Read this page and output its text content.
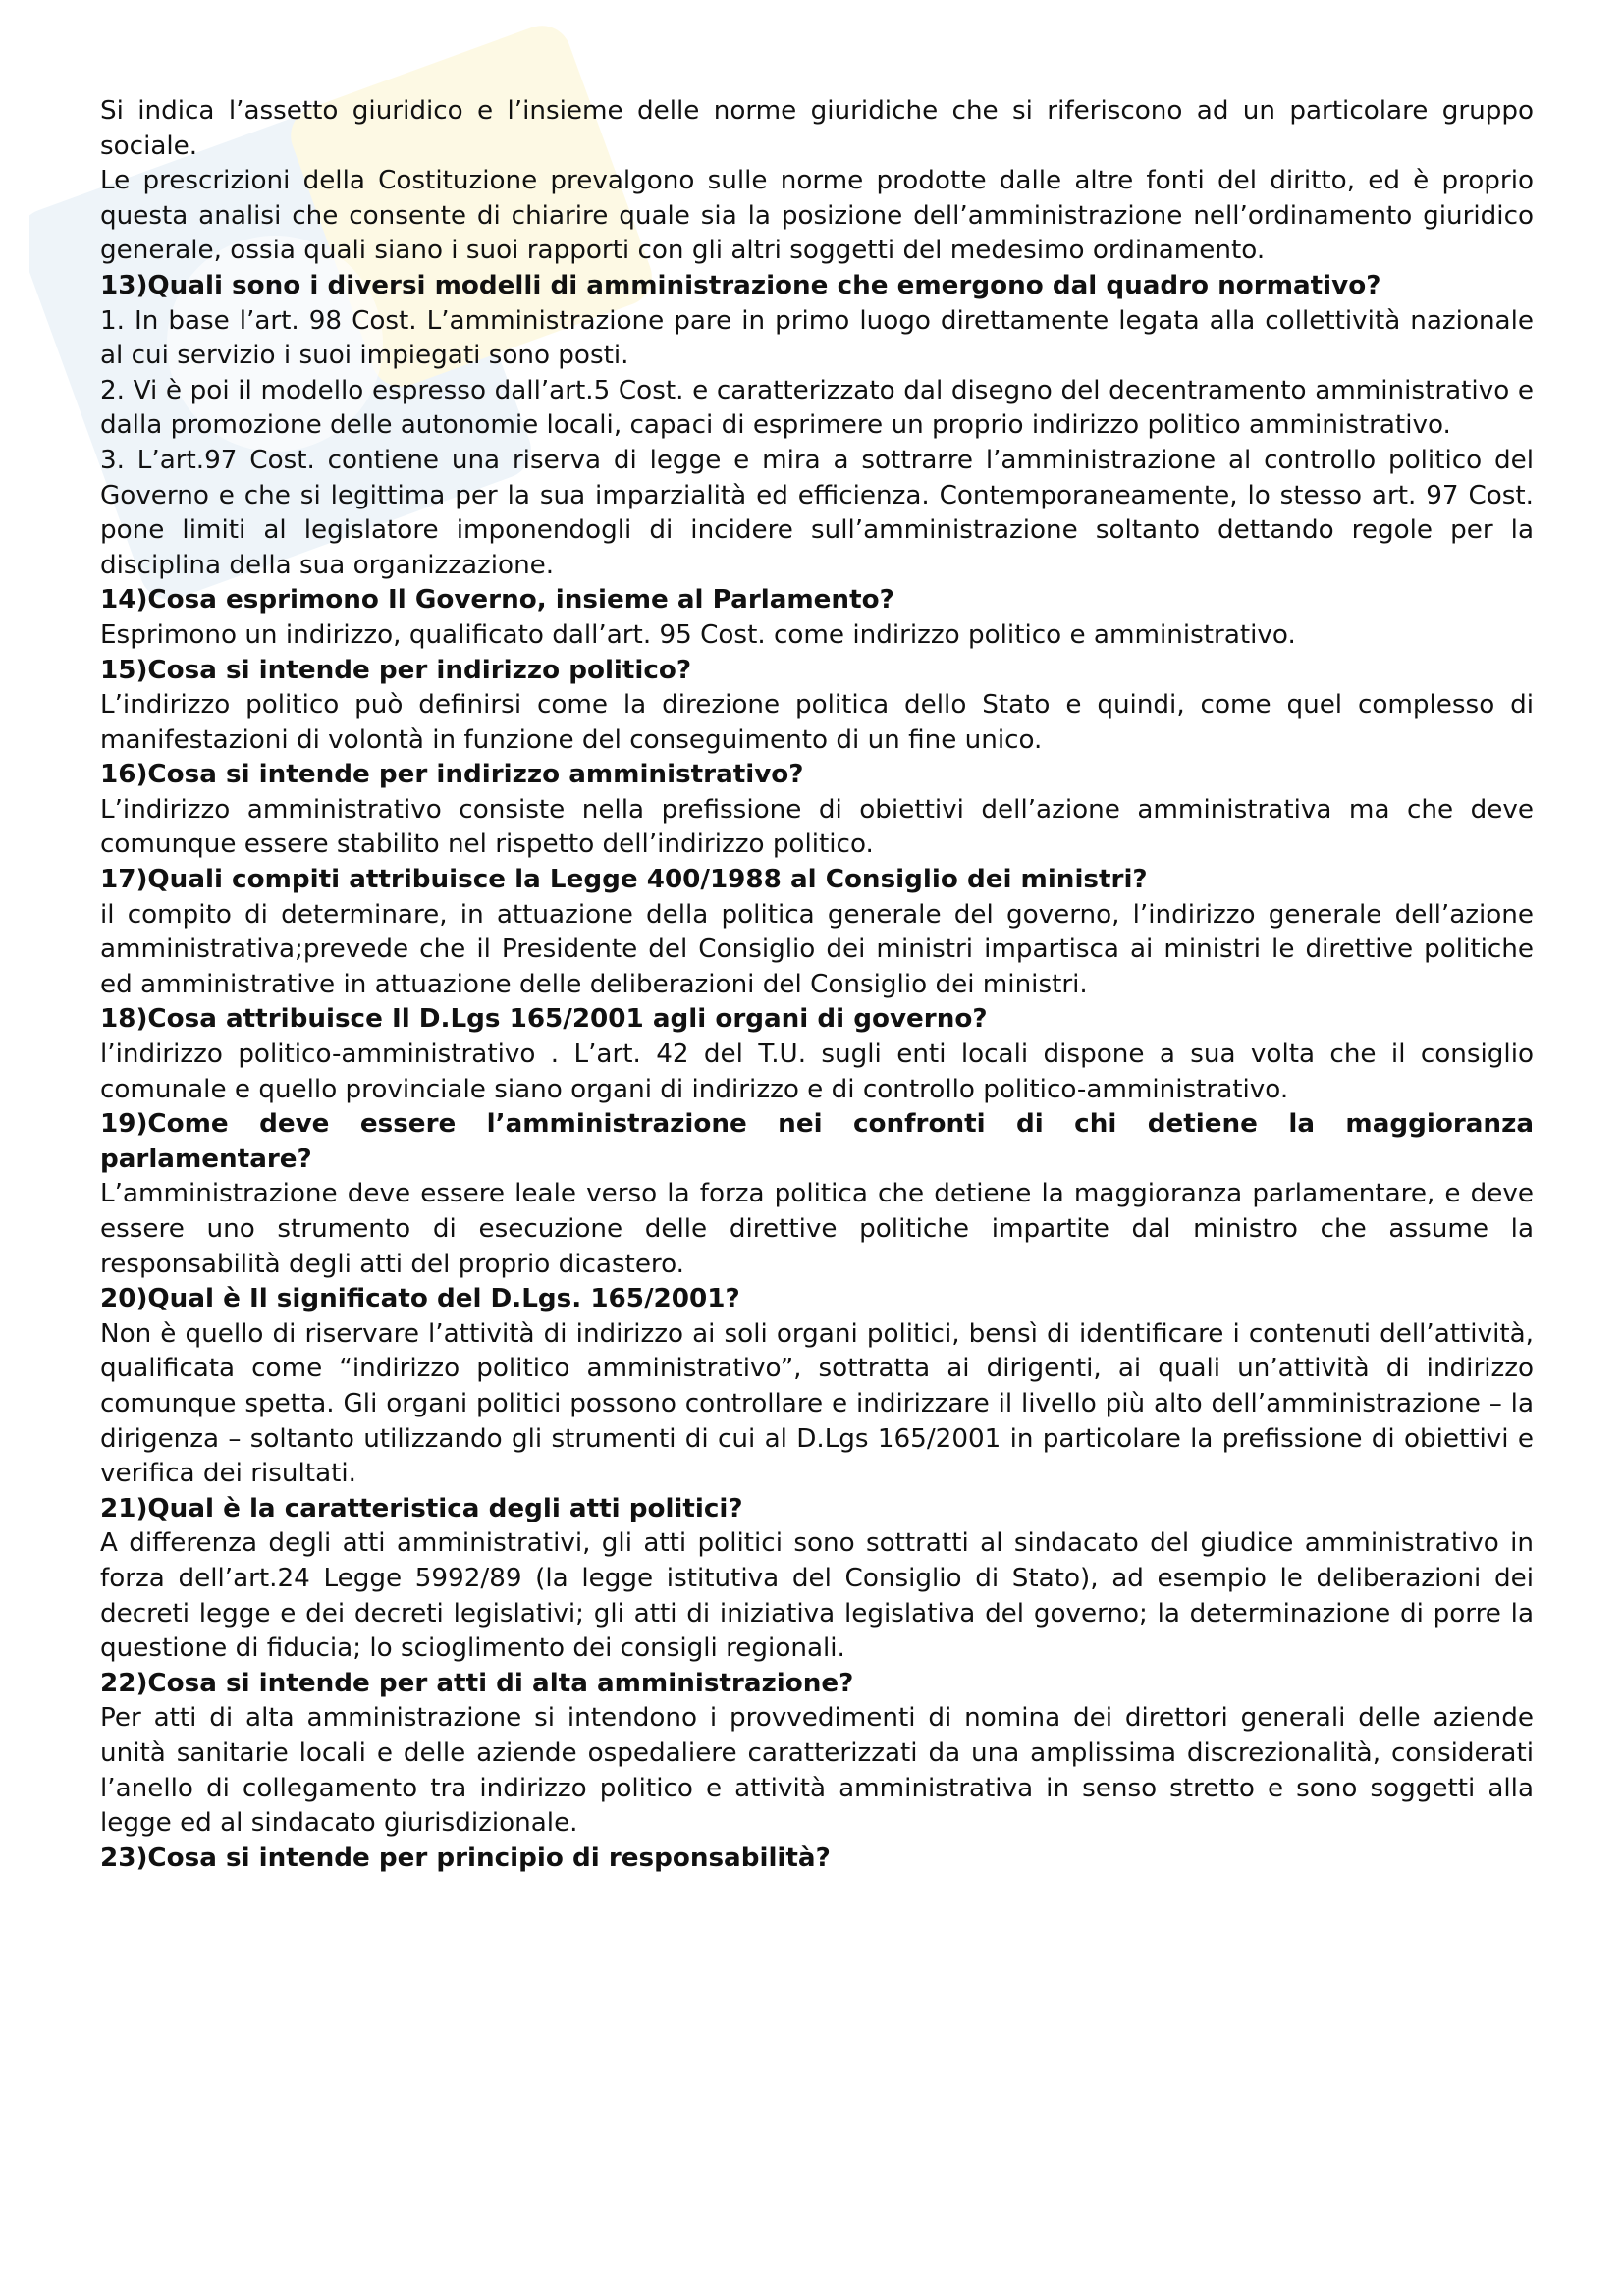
Si indica l’assetto giuridico e l’insieme delle norme giuridiche che si riferiscono ad un particolare gruppo sociale.

Le prescrizioni della Costituzione prevalgono sulle norme prodotte dalle altre fonti del diritto, ed è proprio questa analisi che consente di chiarire quale sia la posizione dell’amministrazione nell’ordinamento giuridico generale, ossia quali siano i suoi rapporti con gli altri soggetti del medesimo ordinamento.

13)Quali sono i diversi modelli di amministrazione che emergono dal quadro normativo?

1. In base l’art. 98 Cost. L’amministrazione pare in primo luogo direttamente legata alla collettività nazionale al cui servizio i suoi impiegati sono posti.

2. Vi è poi il modello espresso dall’art.5 Cost. e caratterizzato dal disegno del decentramento amministrativo e dalla promozione delle autonomie locali, capaci di esprimere un proprio indirizzo politico amministrativo.

3. L’art.97 Cost. contiene una riserva di legge e mira a sottrarre l’amministrazione al controllo politico del Governo e che si legittima per la sua imparzialità ed efficienza. Contemporaneamente, lo stesso art. 97 Cost. pone limiti al legislatore imponendogli di incidere sull’amministrazione soltanto dettando regole per la disciplina della sua organizzazione.

14)Cosa esprimono Il Governo, insieme al Parlamento?

Esprimono un indirizzo, qualificato dall’art. 95 Cost. come indirizzo politico e amministrativo.

15)Cosa si intende per indirizzo politico?

L’indirizzo politico può definirsi come la direzione politica dello Stato e quindi, come quel complesso di manifestazioni di volontà in funzione del conseguimento di un fine unico.

16)Cosa si intende per indirizzo amministrativo?

L’indirizzo amministrativo consiste nella prefissione di obiettivi dell’azione amministrativa ma che deve comunque essere stabilito nel rispetto dell’indirizzo politico.

17)Quali compiti attribuisce la Legge 400/1988 al Consiglio dei ministri?

il compito di determinare, in attuazione della politica generale del governo, l’indirizzo generale dell’azione amministrativa;prevede che il Presidente del Consiglio dei ministri impartisca ai ministri le direttive politiche ed amministrative in attuazione delle deliberazioni del Consiglio dei ministri.

18)Cosa attribuisce Il D.Lgs 165/2001 agli organi di governo?

l’indirizzo politico-amministrativo . L’art. 42 del T.U. sugli enti locali dispone a sua volta che il consiglio comunale e quello provinciale siano organi di indirizzo e di controllo politico-amministrativo.

19)Come deve essere l’amministrazione nei confronti di chi detiene la maggioranza parlamentare?

L’amministrazione deve essere leale verso la forza politica che detiene la maggioranza parlamentare, e deve essere uno strumento di esecuzione delle direttive politiche impartite dal ministro che assume la responsabilità degli atti del proprio dicastero.

20)Qual è Il significato del D.Lgs. 165/2001?

Non è quello di riservare l’attività di indirizzo ai soli organi politici, bensì di identificare i contenuti dell’attività, qualificata come “indirizzo politico amministrativo”, sottratta ai dirigenti, ai quali un’attività di indirizzo comunque spetta. Gli organi politici possono controllare e indirizzare il livello più alto dell’amministrazione – la dirigenza – soltanto utilizzando gli strumenti di cui al D.Lgs 165/2001 in particolare la prefissione di obiettivi e verifica dei risultati.

21)Qual è la caratteristica degli atti politici?

A differenza degli atti amministrativi, gli atti politici sono sottratti al sindacato del giudice amministrativo in forza dell’art.24 Legge 5992/89 (la legge istitutiva del Consiglio di Stato), ad esempio le deliberazioni dei decreti legge e dei decreti legislativi; gli atti di iniziativa legislativa del governo; la determinazione di porre la questione di fiducia; lo scioglimento dei consigli regionali.

22)Cosa si intende per atti di alta amministrazione?

Per atti di alta amministrazione si intendono i provvedimenti di nomina dei direttori generali delle aziende unità sanitarie locali e delle aziende ospedaliere caratterizzati da una amplissima discrezionalità, considerati l’anello di collegamento tra indirizzo politico e attività amministrativa in senso stretto e sono soggetti alla legge ed al sindacato giurisdizionale.

23)Cosa si intende per principio di responsabilità?
